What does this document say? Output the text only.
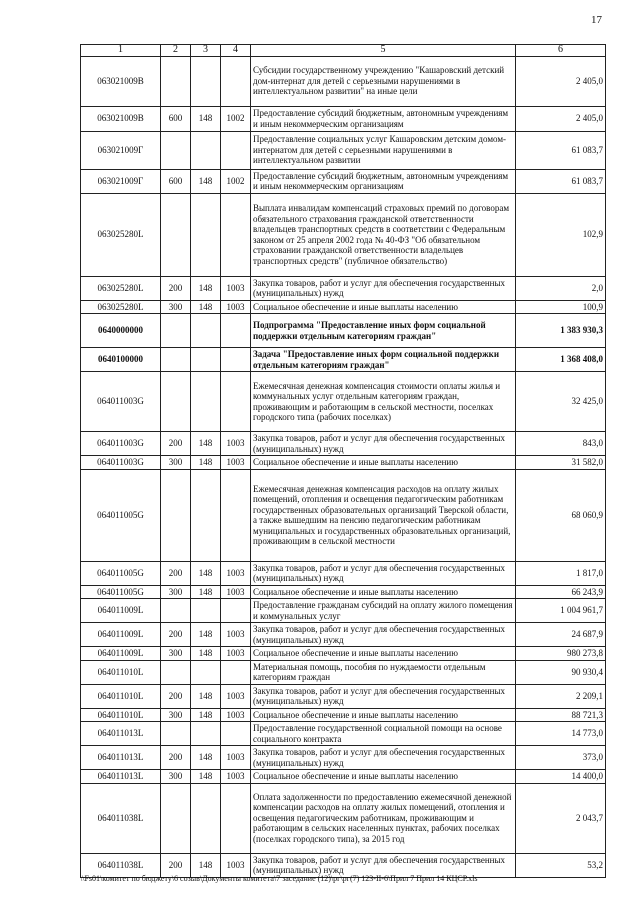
17
1	2	3	4	5	6
063021009В				Субсидии государственному учреждению "Кашаровский детский дом-интернат для детей с серьезными нарушениями в интеллектуальном развитии" на иные цели	2 405,0
063021009В	600	148	1002	Предоставление субсидий бюджетным, автономным учреждениям и иным некоммерческим организациям	2 405,0
063021009Г				Предоставление социальных услуг Кашаровским детским домом-интернатом для детей с серьезными нарушениями в интеллектуальном развитии	61 083,7
063021009Г	600	148	1002	Предоставление субсидий бюджетным, автономным учреждениям и иным некоммерческим организациям	61 083,7
063025280L				Выплата инвалидам компенсаций страховых премий по договорам обязательного страхования гражданской ответственности владельцев транспортных средств в соответствии с Федеральным законом от 25 апреля 2002 года № 40-ФЗ "Об обязательном страховании гражданской ответственности владельцев транспортных средств" (публичное обязательство)	102,9
063025280L	200	148	1003	Закупка товаров, работ и услуг для обеспечения государственных (муниципальных) нужд	2,0
063025280L	300	148	1003	Социальное обеспечение и иные выплаты населению	100,9
0640000000				Подпрограмма "Предоставление иных форм социальной поддержки отдельным категориям граждан"	1 383 930,3
0640100000				Задача "Предоставление иных форм социальной поддержки отдельным категориям граждан"	1 368 408,0
064011003G				Ежемесячная денежная компенсация стоимости оплаты жилья и коммунальных услуг отдельным категориям граждан, проживающим и работающим в сельской местности, поселках городского типа (рабочих поселках)	32 425,0
064011003G	200	148	1003	Закупка товаров, работ и услуг для обеспечения государственных (муниципальных) нужд	843,0
064011003G	300	148	1003	Социальное обеспечение и иные выплаты населению	31 582,0
064011005G				Ежемесячная денежная компенсация расходов на оплату жилых помещений, отопления и освещения педагогическим работникам государственных образовательных организаций Тверской области, а также вышедшим на пенсию педагогическим работникам муниципальных и государственных образовательных организаций, проживающим в сельской местности	68 060,9
064011005G	200	148	1003	Закупка товаров, работ и услуг для обеспечения государственных (муниципальных) нужд	1 817,0
064011005G	300	148	1003	Социальное обеспечение и иные выплаты населению	66 243,9
064011009L				Предоставление гражданам субсидий на оплату жилого помещения и коммунальных услуг	1 004 961,7
064011009L	200	148	1003	Закупка товаров, работ и услуг для обеспечения государственных (муниципальных) нужд	24 687,9
064011009L	300	148	1003	Социальное обеспечение и иные выплаты населению	980 273,8
064011010L				Материальная помощь, пособия по нуждаемости отдельным категориям граждан	90 930,4
064011010L	200	148	1003	Закупка товаров, работ и услуг для обеспечения государственных (муниципальных) нужд	2 209,1
064011010L	300	148	1003	Социальное обеспечение и иные выплаты населению	88 721,3
064011013L				Предоставление государственной социальной помощи на основе социального контракта	14 773,0
064011013L	200	148	1003	Закупка товаров, работ и услуг для обеспечения государственных (муниципальных) нужд	373,0
064011013L	300	148	1003	Социальное обеспечение и иные выплаты населению	14 400,0
064011038L				Оплата задолженности по предоставлению ежемесячной денежной компенсации расходов на оплату жилых помещений, отопления и освещения педагогическим работникам, проживающим и работающим в сельских населенных пунктах, рабочих поселках (поселках городского типа), за 2015 год	2 043,7
064011038L	200	148	1003	Закупка товаров, работ и услуг для обеспечения государственных (муниципальных) нужд	53,2
\\Fs01\комитет по бюджету\6 созыв\Документы комитета\7 заседание (12)\рг\рг(7) 123-II-6\Прил 7 Прил 14 КЦСР.xls
